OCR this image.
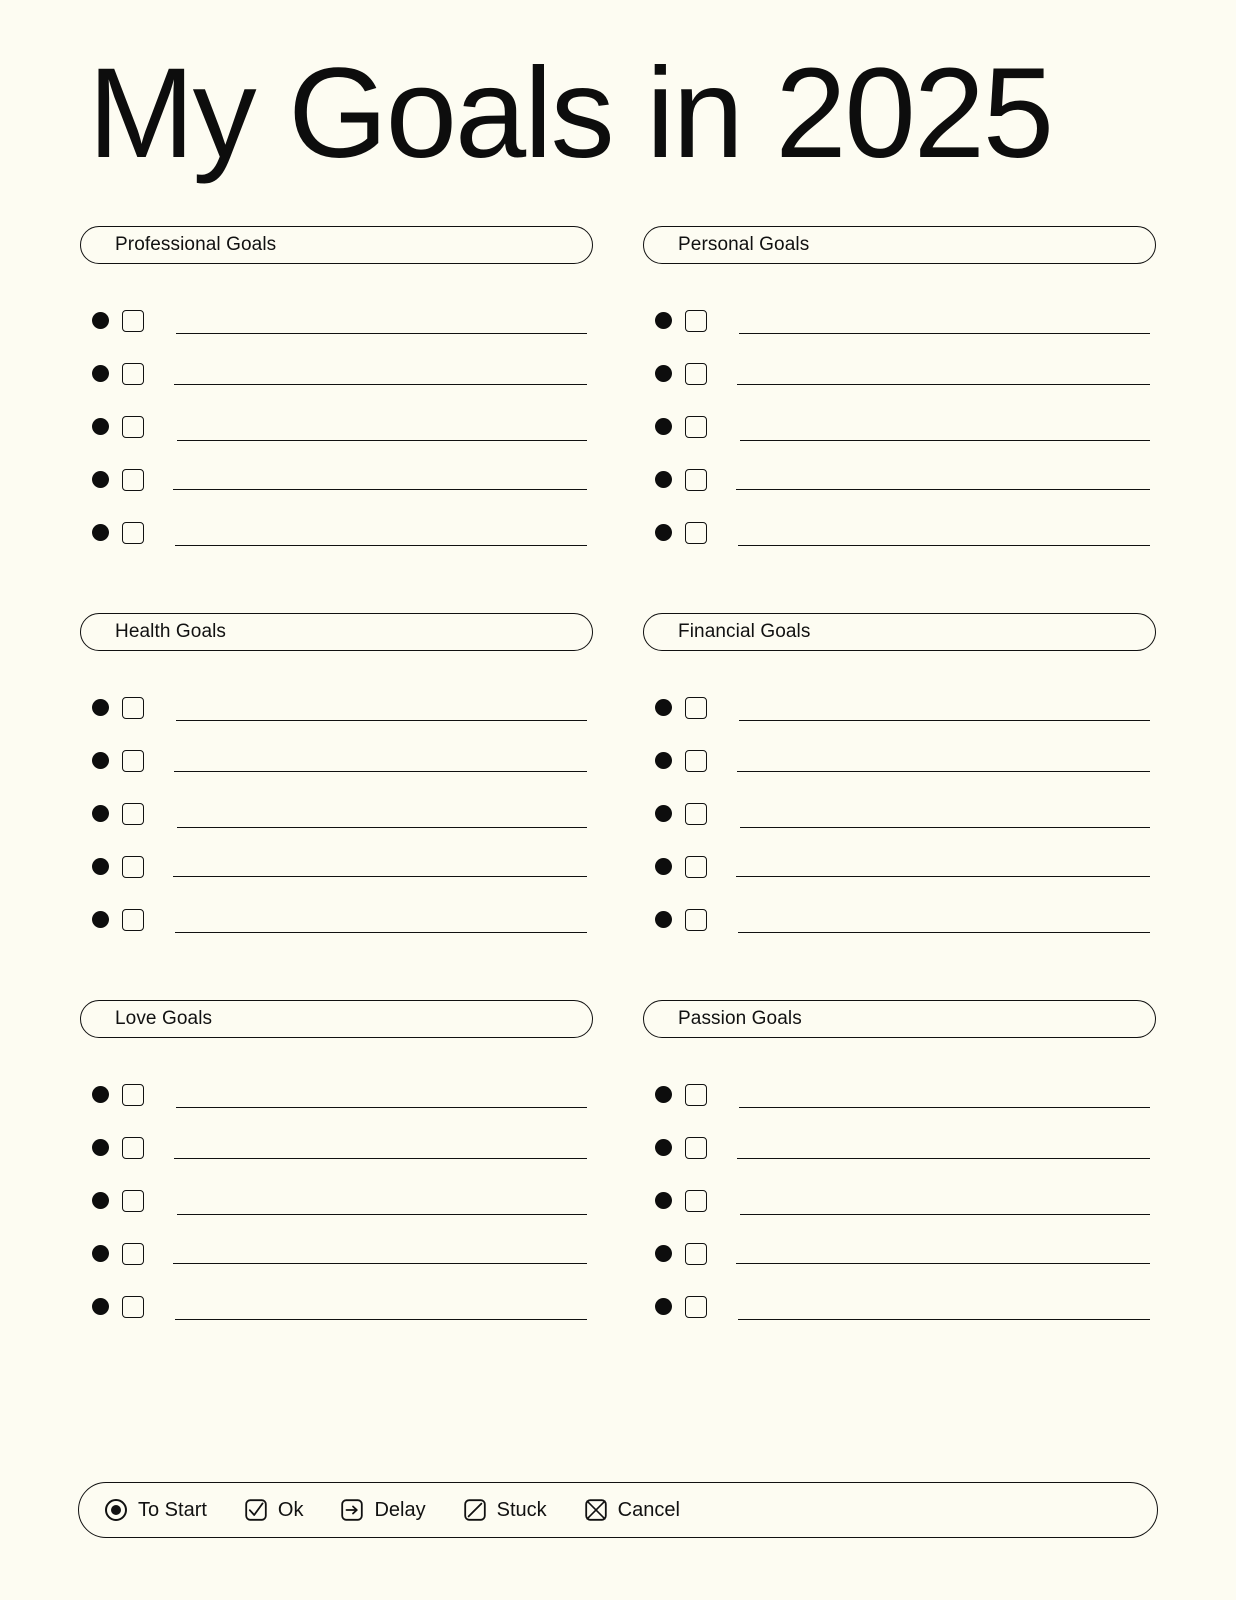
My Goals in 2025
Professional Goals	Personal Goals
Health Goals	Financial Goals
Love Goals	Passion Goals
To Start	Ok	Delay	Stuck	Cancel
